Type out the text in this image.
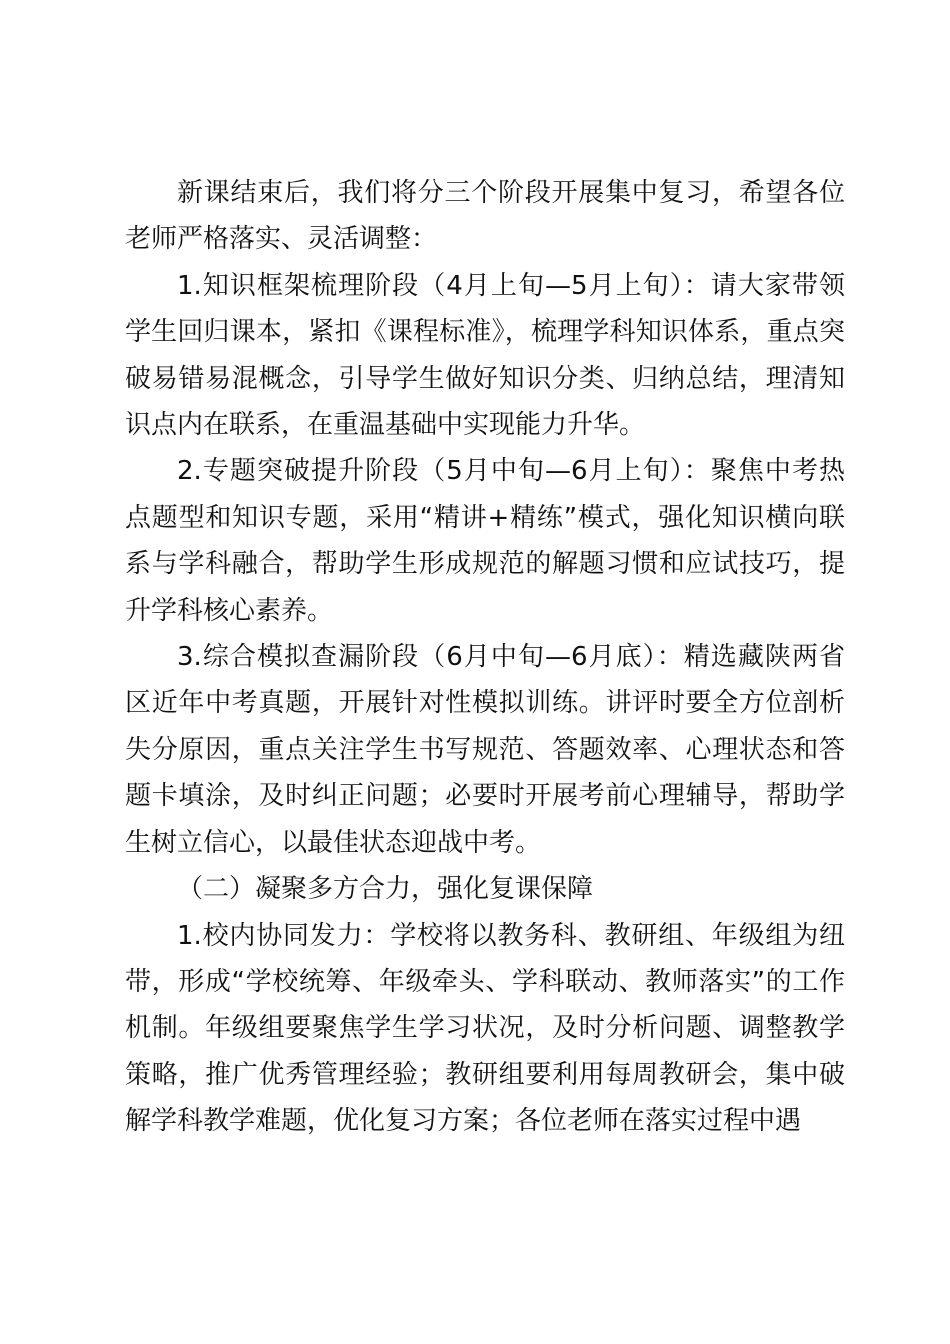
新课结束后，我们将分三个阶段开展集中复习，希望各位老师严格落实、灵活调整：

1.知识框架梳理阶段（4月上旬—5月上旬）：请大家带领学生回归课本，紧扣《课程标准》，梳理学科知识体系，重点突破易错易混概念，引导学生做好知识分类、归纳总结，理清知识点内在联系，在重温基础中实现能力升华。

2.专题突破提升阶段（5月中旬—6月上旬）：聚焦中考热点题型和知识专题，采用“精讲+精练”模式，强化知识横向联系与学科融合，帮助学生形成规范的解题习惯和应试技巧，提升学科核心素养。

3.综合模拟查漏阶段（6月中旬—6月底）：精选藏陕两省区近年中考真题，开展针对性模拟训练。讲评时要全方位剖析失分原因，重点关注学生书写规范、答题效率、心理状态和答题卡填涂，及时纠正问题；必要时开展考前心理辅导，帮助学生树立信心，以最佳状态迎战中考。

（二）凝聚多方合力，强化复课保障

1.校内协同发力：学校将以教务科、教研组、年级组为纽带，形成“学校统筹、年级牵头、学科联动、教师落实”的工作机制。年级组要聚焦学生学习状况，及时分析问题、调整教学策略，推广优秀管理经验；教研组要利用每周教研会，集中破解学科教学难题，优化复习方案；各位老师在落实过程中遇
